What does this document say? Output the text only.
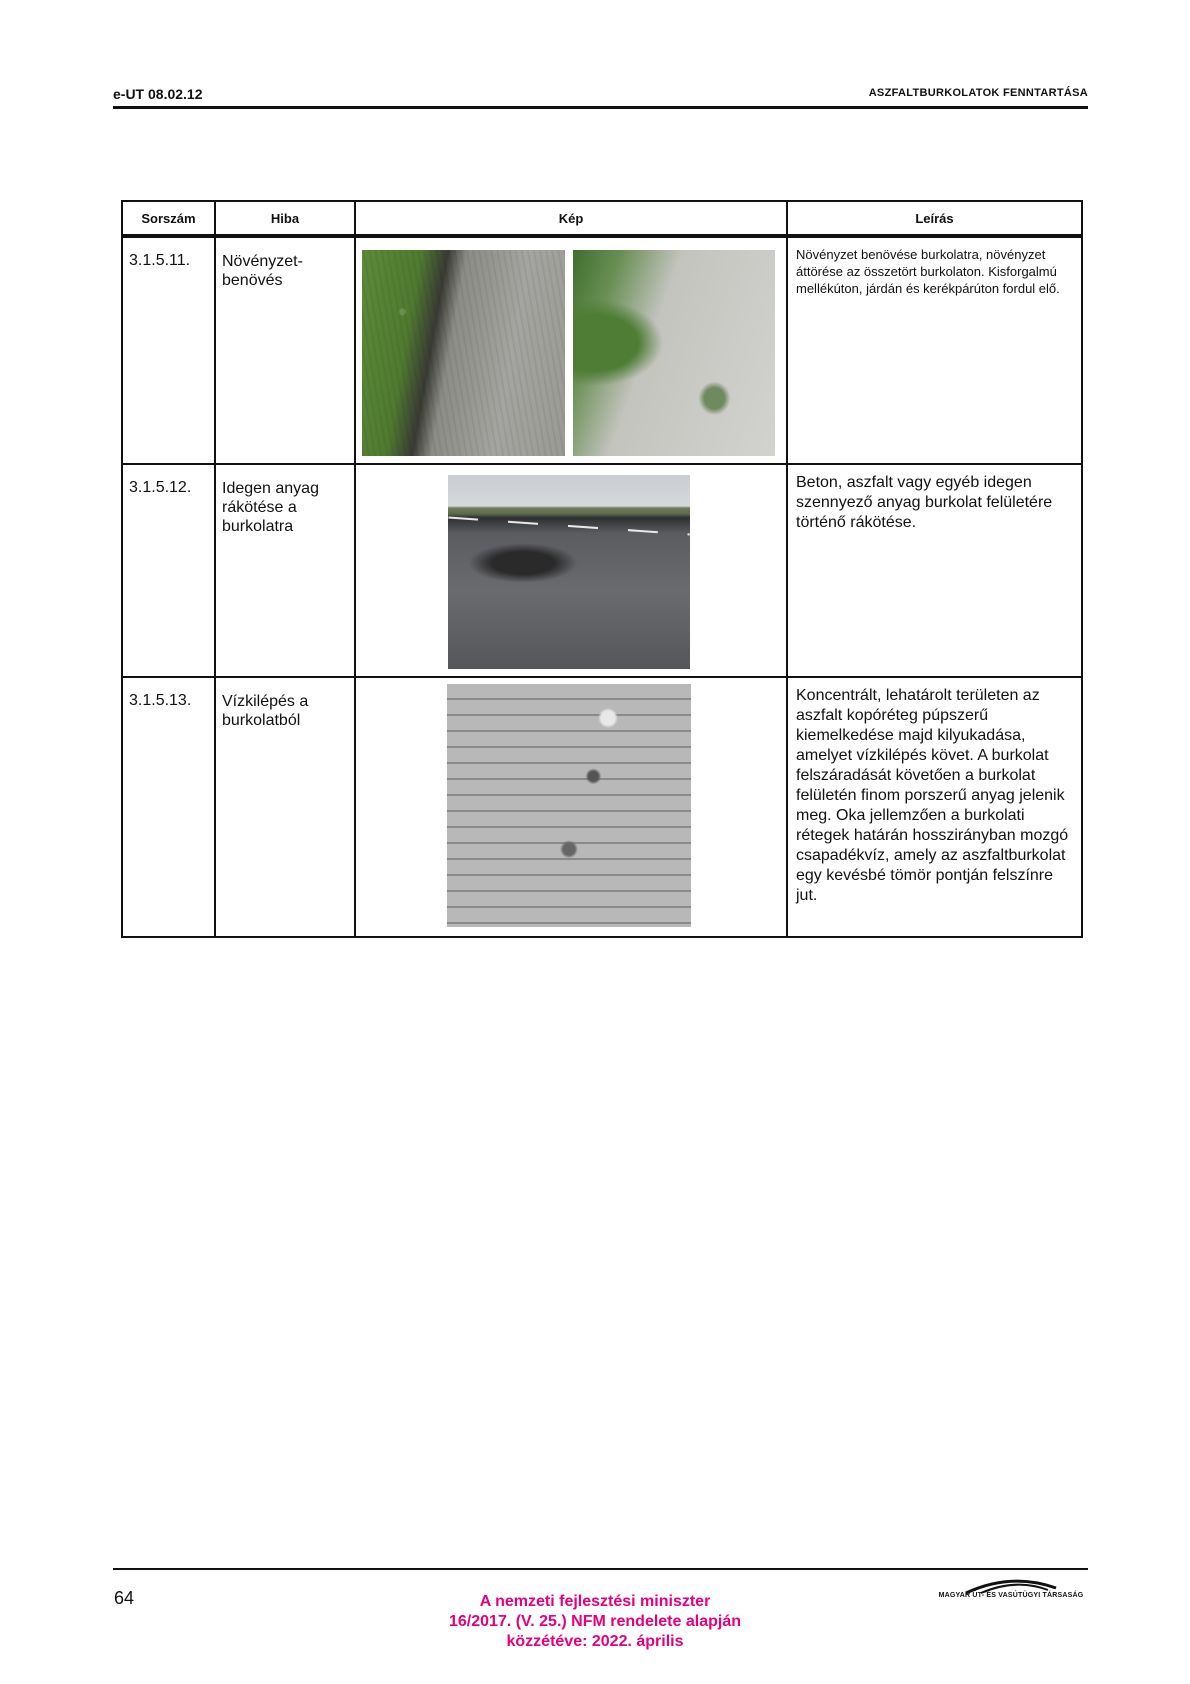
e-UT 08.02.12	ASZFALTBURKOLATOK FENNTARTÁSA
Sorszám	Hiba	Kép	Leírás
3.1.5.11.	Növényzet-benövés		Növényzet benövése burkolatra, növényzet áttörése az összetört burkolaton. Kisforgalmú mellékúton, járdán és kerékpárúton fordul elő.
3.1.5.12.	Idegen anyag rákötése a burkolatra		Beton, aszfalt vagy egyéb idegen szennyező anyag burkolat felületére történő rákötése.
3.1.5.13.	Vízkilépés a burkolatból		Koncentrált, lehatárolt területen az aszfalt kopóréteg púpszerű kiemelkedése majd kilyukadása, amelyet vízkilépés követ. A burkolat felszáradását követően a burkolat felületén finom porszerű anyag jelenik meg. Oka jellemzően a burkolati rétegek határán hosszirányban mozgó csapadékvíz, amely az aszfaltburkolat egy kevésbé tömör pontján felszínre jut.
64	A nemzeti fejlesztési miniszter
16/2017. (V. 25.) NFM rendelete alapján
közzétéve: 2022. április
MAGYAR ÚT- ÉS VASÚTÜGYI TÁRSASÁG
